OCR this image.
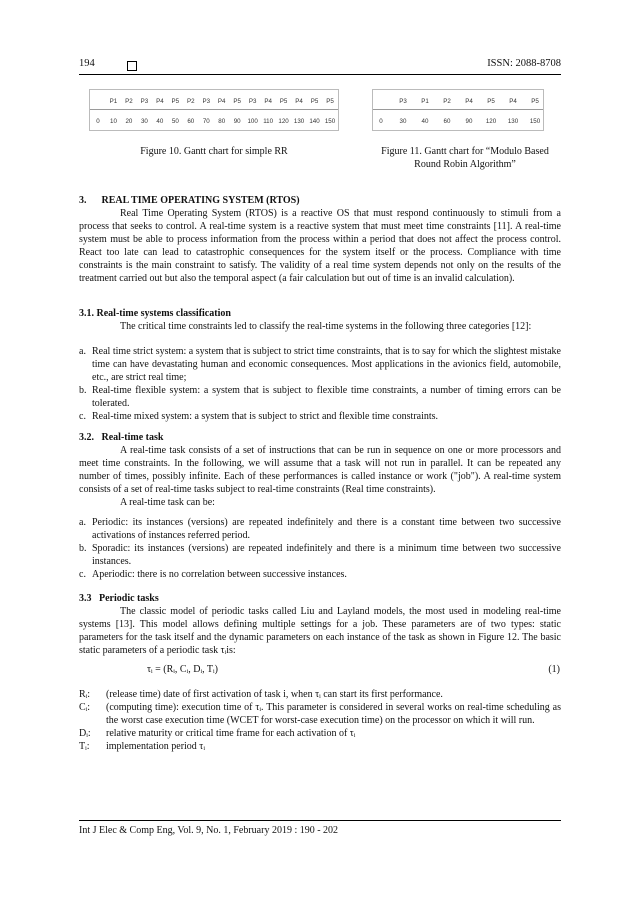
194	ISSN: 2088-8708
P1 P2 P3 P4 P5 P2 P3 P4 P5 P3 P4 P5 P4 P5 P5
0 10 20 30 40 50 60 70 80 90 100 110 120 130 140 150
Figure 10. Gantt chart for simple RR
P3 P1 P2 P4 P5 P4 P5
0	30 40 60 90 120 130 150
Figure 11. Gantt chart for “Modulo Based
Round Robin Algorithm”
3.  REAL TIME OPERATING SYSTEM (RTOS)

Real Time Operating System (RTOS) is a reactive OS that must respond continuously to stimuli from a process that seeks to control. A real-time system is a reactive system that must meet time constraints [11]. A real-time system must be able to process information from the process within a period that does not affect the process control. React too late can lead to catastrophic consequences for the system itself or the process. Compliance with time constraints is the main constraint to satisfy. The validity of a real time system depends not only on the results of the treatment carried out but also the temporal aspect (a fair calculation but out of time is an invalid calculation).

3.1. Real-time systems classification

The critical time constraints led to classify the real-time systems in the following three categories [12]:

a. Real time strict system: a system that is subject to strict time constraints, that is to say for which the slightest mistake time can have devastating human and economic consequences. Most applications in the avionics field, automobile, etc., are strict real time;
b. Real-time flexible system: a system that is subject to flexible time constraints, a number of timing errors can be tolerated.
c. Real-time mixed system: a system that is subject to strict and flexible time constraints.
3.2.  Real-time task

A real-time task consists of a set of instructions that can be run in sequence on one or more processors and meet time constraints. In the following, we will assume that a task will not run in parallel. It can be repeated any number of times, possibly infinite. Each of these performances is called instance or work ("job"). A real-time system consists of a set of real-time tasks subject to real-time constraints (Real time constraints).

A real-time task can be:

a. Periodic: its instances (versions) are repeated indefinitely and there is a constant time between two successive activations of instances referred period.
b. Sporadic: its instances (versions) are repeated indefinitely and there is a minimum time between two successive instances.
c. Aperiodic: there is no correlation between successive instances.
3.3  Periodic tasks

The classic model of periodic tasks called Liu and Layland models, the most used in modeling real-time systems [13]. This model allows defining multiple settings for a job. These parameters are of two types: static parameters for the task itself and the dynamic parameters on each instance of the task as shown in Figure 12. The basic static parameters of a periodic task τᵢis:

τᵢ = (Rᵢ, Cᵢ, Dᵢ, Tᵢ)	(1)
Rᵢ:	(release time) date of first activation of task i, when τᵢ can start its first performance.
Cᵢ:	(computing time): execution time of τᵢ. This parameter is considered in several works on real-time scheduling as the worst case execution time (WCET for worst-case execution time) on the processor on which it will run.
Dᵢ:	relative maturity or critical time frame for each activation of τᵢ
Tᵢ:	implementation period τᵢ
Int J Elec & Comp Eng, Vol. 9, No. 1, February 2019 : 190 - 202
